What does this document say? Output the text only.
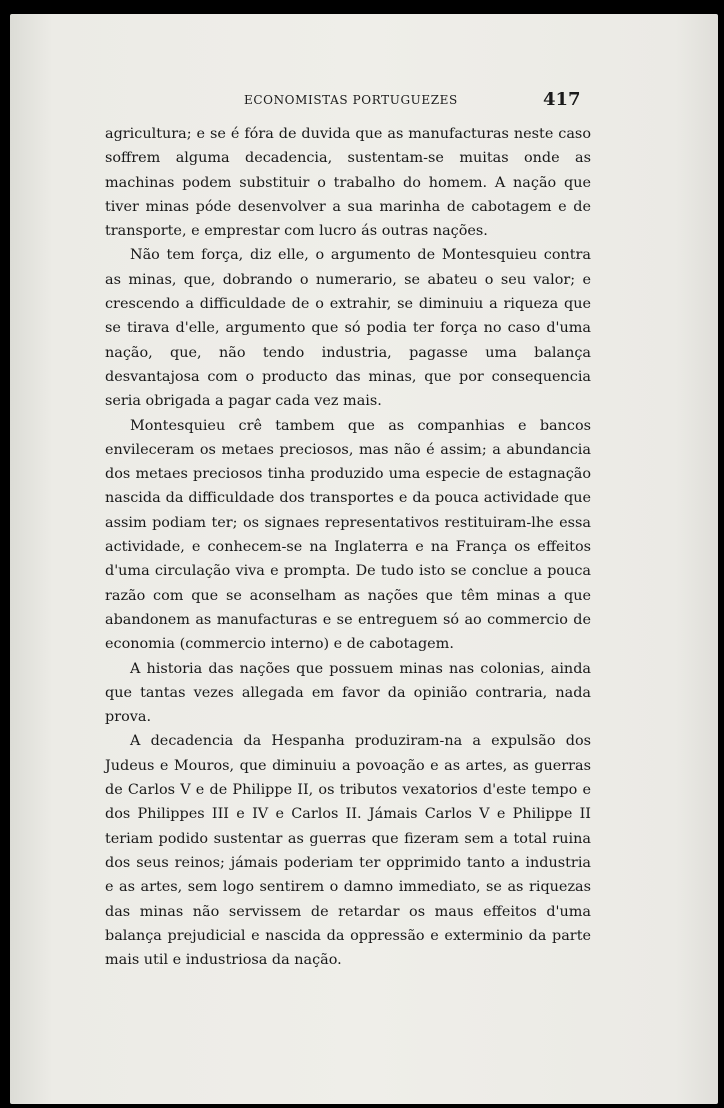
ECONOMISTAS PORTUGUEZES	417

agricultura; e se é fóra de duvida que as manufacturas neste caso soffrem alguma decadencia, sustentam-se muitas onde as machinas podem substituir o trabalho do homem. A nação que tiver minas póde desenvolver a sua marinha de cabotagem e de transporte, e emprestar com lucro ás outras nações.

Não tem força, diz elle, o argumento de Montesquieu contra as minas, que, dobrando o numerario, se abateu o seu valor; e crescendo a difficuldade de o extrahir, se diminuiu a riqueza que se tirava d'elle, argumento que só podia ter força no caso d'uma nação, que, não tendo industria, pagasse uma balança desvantajosa com o producto das minas, que por consequencia seria obrigada a pagar cada vez mais.

Montesquieu crê tambem que as companhias e bancos envileceram os metaes preciosos, mas não é assim; a abundancia dos metaes preciosos tinha produzido uma especie de estagnação nascida da difficuldade dos transportes e da pouca actividade que assim podiam ter; os signaes representativos restituiram-lhe essa actividade, e conhecem-se na Inglaterra e na França os effeitos d'uma circulação viva e prompta. De tudo isto se conclue a pouca razão com que se aconselham as nações que têm minas a que abandonem as manufacturas e se entreguem só ao commercio de economia (commercio interno) e de cabotagem.

A historia das nações que possuem minas nas colonias, ainda que tantas vezes allegada em favor da opinião contraria, nada prova.

A decadencia da Hespanha produziram-na a expulsão dos Judeus e Mouros, que diminuiu a povoação e as artes, as guerras de Carlos V e de Philippe II, os tributos vexatorios d'este tempo e dos Philippes III e IV e Carlos II. Jámais Carlos V e Philippe II teriam podido sustentar as guerras que fizeram sem a total ruina dos seus reinos; jámais poderiam ter opprimido tanto a industria e as artes, sem logo sentirem o damno immediato, se as riquezas das minas não servissem de retardar os maus effeitos d'uma balança prejudicial e nascida da oppressão e exterminio da parte mais util e industriosa da nação.
